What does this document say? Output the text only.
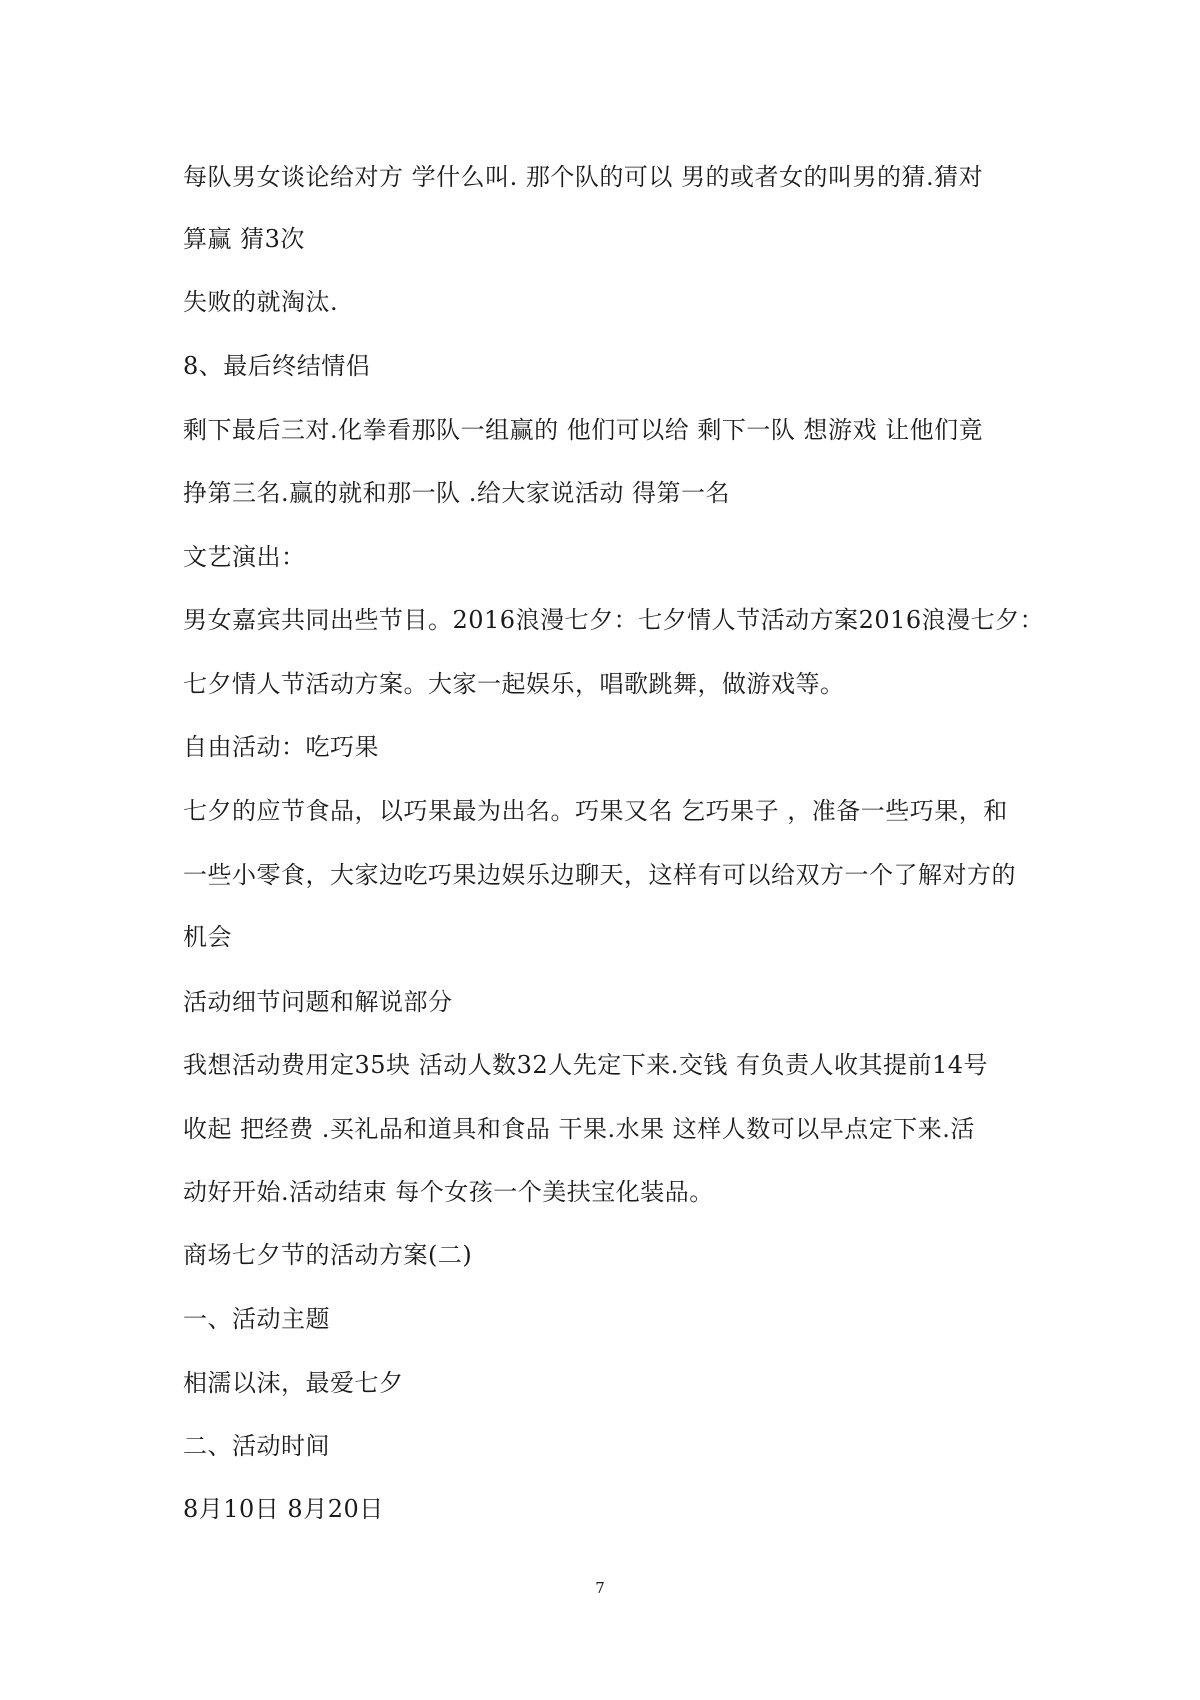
每队男女谈论给对方 学什么叫. 那个队的可以 男的或者女的叫男的猜.猜对
算赢 猜3次
失败的就淘汰.
8、最后终结情侣
剩下最后三对.化拳看那队一组赢的 他们可以给 剩下一队 想游戏 让他们竟
挣第三名.赢的就和那一队 .给大家说活动 得第一名
文艺演出：
男女嘉宾共同出些节目。2016浪漫七夕：七夕情人节活动方案2016浪漫七夕：
七夕情人节活动方案。大家一起娱乐，唱歌跳舞，做游戏等。
自由活动：吃巧果
七夕的应节食品，以巧果最为出名。巧果又名 乞巧果子 ，准备一些巧果，和
一些小零食，大家边吃巧果边娱乐边聊天，这样有可以给双方一个了解对方的
机会
活动细节问题和解说部分
我想活动费用定35块 活动人数32人先定下来.交钱 有负责人收其提前14号
收起 把经费 .买礼品和道具和食品 干果.水果 这样人数可以早点定下来.活
动好开始.活动结束 每个女孩一个美扶宝化装品。
商场七夕节的活动方案(二)
一、活动主题
相濡以沫，最爱七夕
二、活动时间
8月10日 8月20日
7
